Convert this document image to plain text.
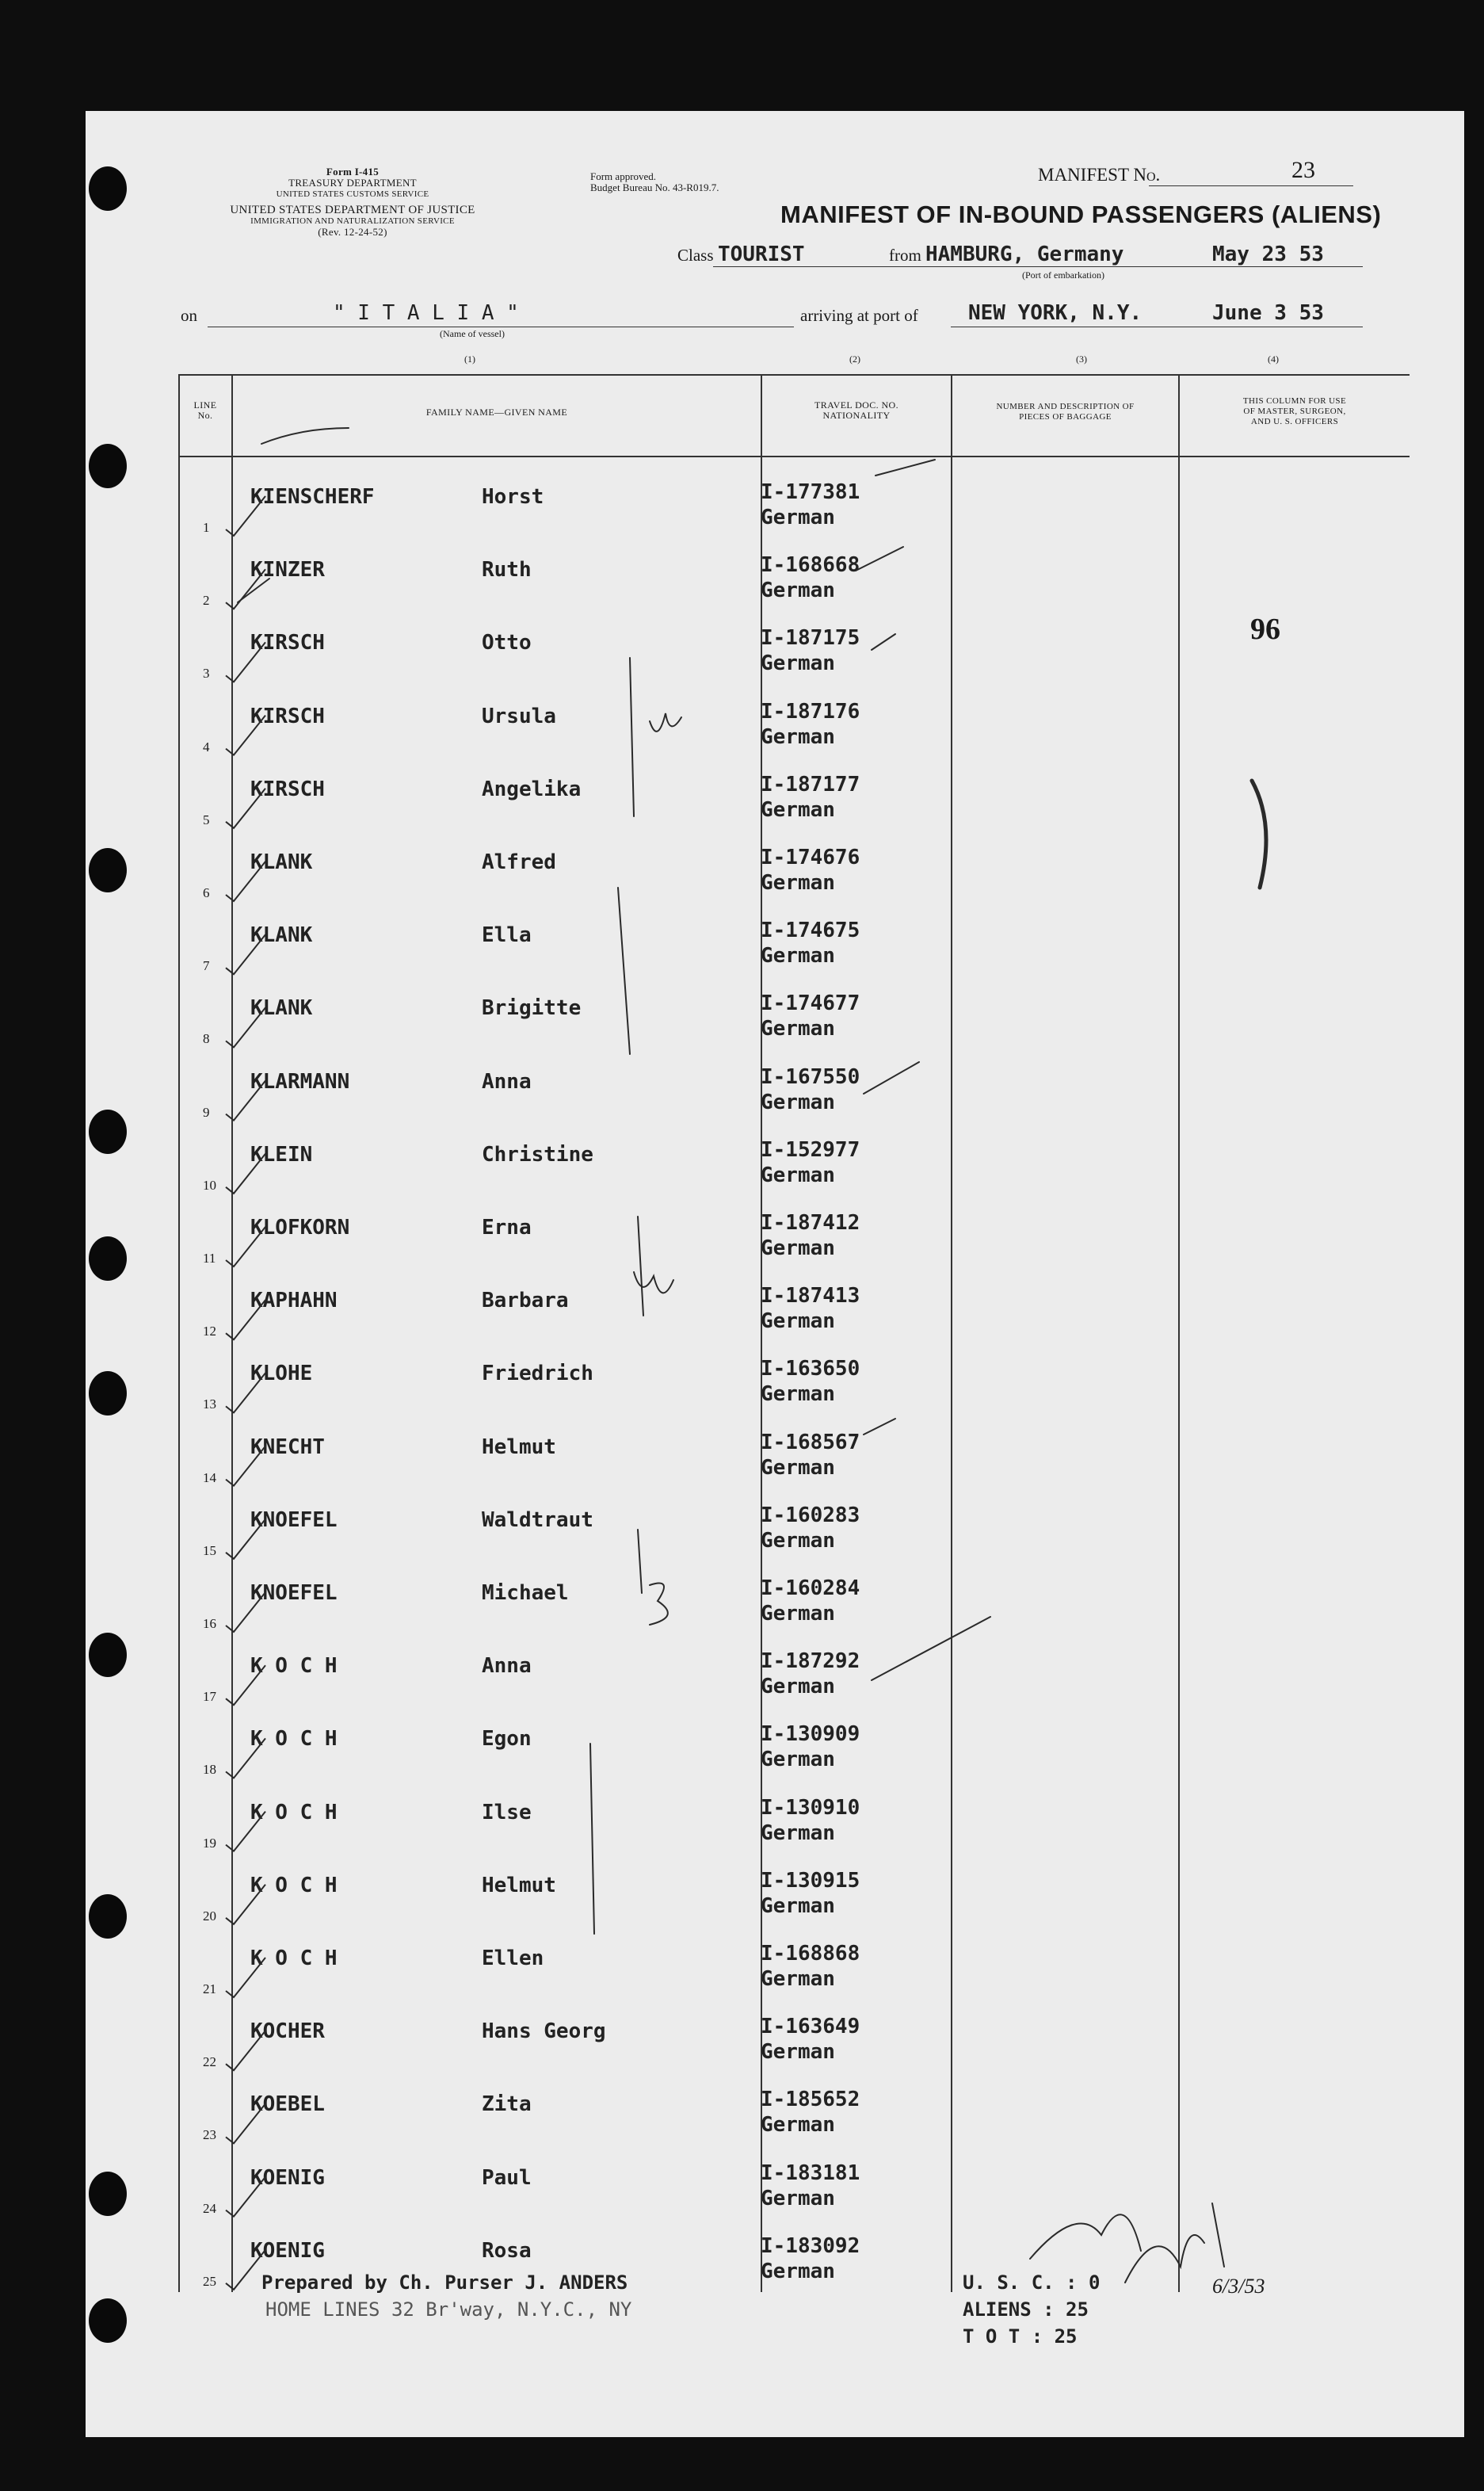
Form I-415
TREASURY DEPARTMENT
UNITED STATES CUSTOMS SERVICE
UNITED STATES DEPARTMENT OF JUSTICE
IMMIGRATION AND NATURALIZATION SERVICE
(Rev. 12-24-52)
Form approved.
Budget Bureau No. 43-R019.7.
MANIFEST No.	23
MANIFEST OF IN-BOUND PASSENGERS (ALIENS)
Class TOURIST	from HAMBURG, Germany	May 23 53
(Port of embarkation)
on	" I T A L I A "
(Name of vessel)
arriving at port of NEW YORK, N.Y.	June 3 53
(1)	(2)	(3)	(4)
LINE
No.	FAMILY NAME—GIVEN NAME
TRAVEL DOC. NO.
NATIONALITY
NUMBER AND DESCRIPTION OF
PIECES OF BAGGAGE
THIS COLUMN FOR USE
OF MASTER, SURGEON,
AND U. S. OFFICERS
1
KIENSCHERF	Horst	I-177381
German
2
KINZER	Ruth	I-168668
German
3
KIRSCH	Otto	I-187175
German
4
KIRSCH	Ursula	I-187176
German
5
KIRSCH	Angelika	I-187177
German
6
KLANK	Alfred	I-174676
German
7
KLANK	Ella	I-174675
German
8
KLANK	Brigitte	I-174677
German
9
KLARMANN	Anna	I-167550
German
10
KLEIN	Christine	I-152977
German
11
KLOFKORN	Erna	I-187412
German
12
KAPHAHN	Barbara	I-187413
German
13
KLOHE	Friedrich	I-163650
German
14
KNECHT	Helmut	I-168567
German
15
KNOEFEL	Waldtraut	I-160283
German
16
KNOEFEL	Michael	I-160284
German
17
K O C H	Anna	I-187292
German
18
K O C H	Egon	I-130909
German
19
K O C H	Ilse	I-130910
German
20
K O C H	Helmut	I-130915
German
21
K O C H	Ellen	I-168868
German
22
KOCHER	Hans Georg	I-163649
German
23
KOEBEL	Zita	I-185652
German
24
KOENIG	Paul	I-183181
German
25
KOENIG	Rosa	I-183092
German
96
Prepared by Ch. Purser J. ANDERS
HOME LINES 32 Br'way, N.Y.C., NY
U. S. C. : 0
ALIENS : 25
T O T : 25
6/3/53
